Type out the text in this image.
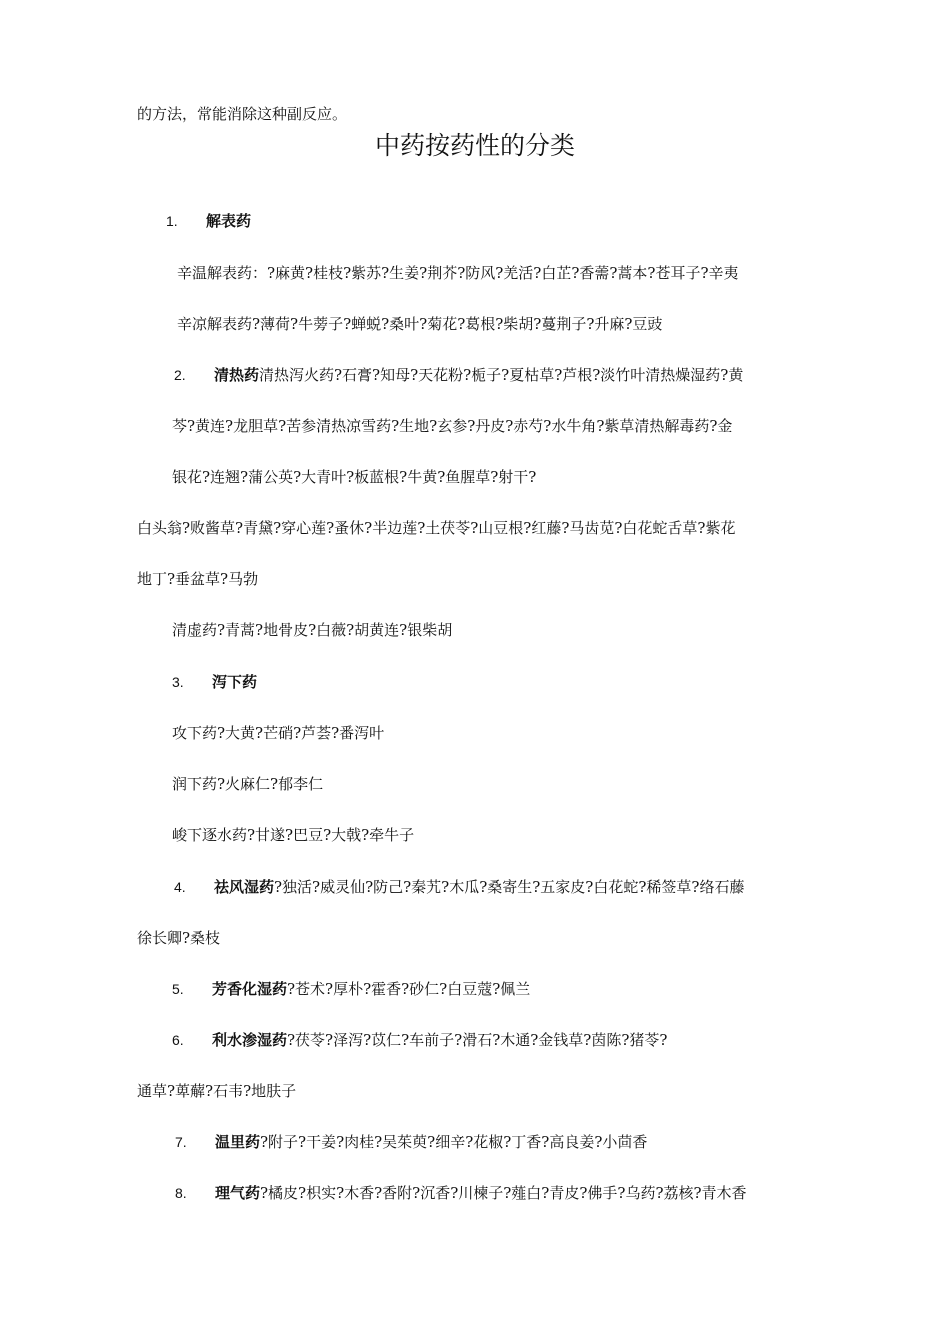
的方法，常能消除这种副反应。
中药按药性的分类
1. 解表药
辛温解表药：?麻黄?桂枝?紫苏?生姜?荆芥?防风?羌活?白芷?香薷?蒿本?苍耳子?辛夷
辛凉解表药?薄荷?牛蒡子?蝉蜕?桑叶?菊花?葛根?柴胡?蔓荆子?升麻?豆豉
2. 清热药清热泻火药?石膏?知母?天花粉?栀子?夏枯草?芦根?淡竹叶清热燥湿药?黄
芩?黄连?龙胆草?苦参清热凉雪药?生地?玄参?丹皮?赤芍?水牛角?紫草清热解毒药?金
银花?连翘?蒲公英?大青叶?板蓝根?牛黄?鱼腥草?射干?
白头翁?败酱草?青黛?穿心莲?蚤休?半边莲?土茯苓?山豆根?红藤?马齿苋?白花蛇舌草?紫花
地丁?垂盆草?马勃
清虚药?青蒿?地骨皮?白薇?胡黄连?银柴胡
3. 泻下药
攻下药?大黄?芒硝?芦荟?番泻叶
润下药?火麻仁?郁李仁
峻下逐水药?甘遂?巴豆?大戟?牵牛子
4. 祛风湿药?独活?威灵仙?防己?秦艽?木瓜?桑寄生?五家皮?白花蛇?稀签草?络石藤
徐长卿?桑枝
5. 芳香化湿药?苍术?厚朴?霍香?砂仁?白豆蔻?佩兰
6. 利水渗湿药?茯苓?泽泻?苡仁?车前子?滑石?木通?金钱草?茵陈?猪苓?
通草?萆薢?石韦?地肤子
7. 温里药?附子?干姜?肉桂?吴茱萸?细辛?花椒?丁香?高良姜?小茴香
8. 理气药?橘皮?枳实?木香?香附?沉香?川楝子?薤白?青皮?佛手?乌药?荔核?青木香
